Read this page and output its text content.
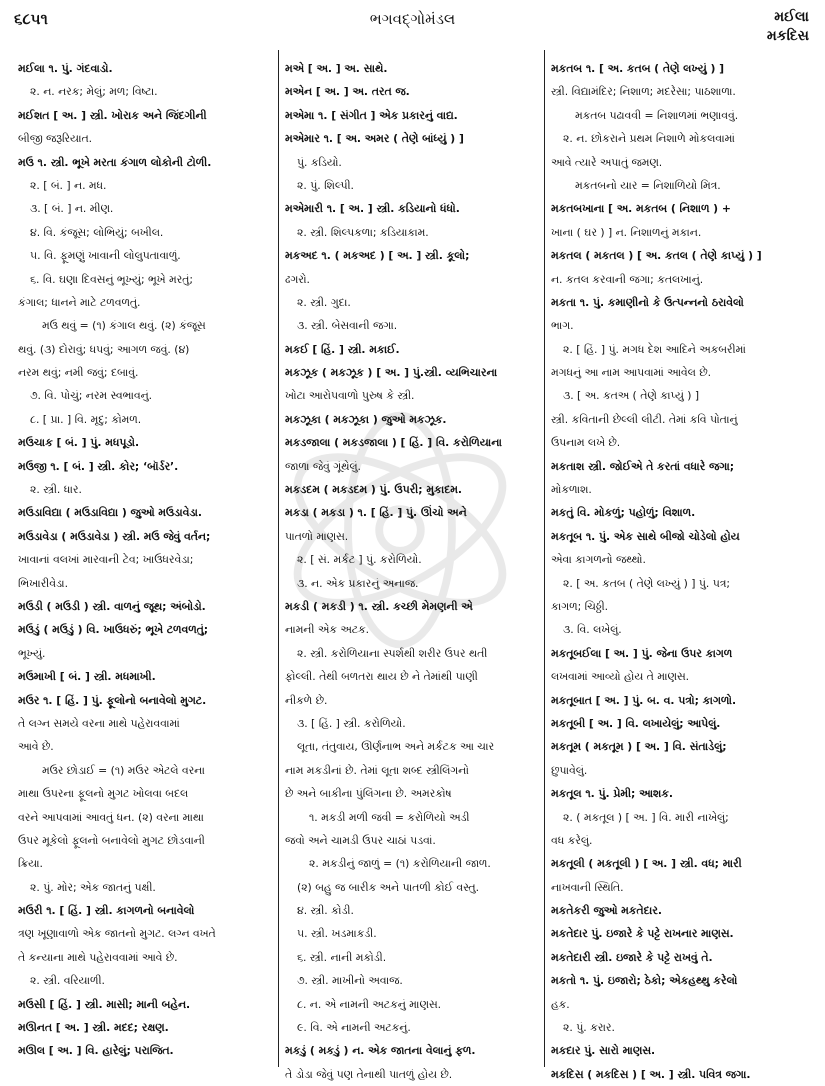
૬૮૫૧	ભગવદ્ગોમંડલ	મઈલા
મકદિસ
મઈલા ૧. પું. ગંદવાડો.
૨. ન. નરક; મેલું; મળ; વિષ્ટા.
મઈશત [ અ. ] સ્ત્રી. ખોરાક અને જિંદગીની
બીજી જરૂરિયાત.
મઉ ૧. સ્ત્રી. ભૂખે મરતા કંગાળ લોકોની ટોળી.
૨. [ બં. ] ન. મધ.
૩. [ બં. ] ન. મીણ.
૪. વિ. કંજૂસ; લોભિયું; બખીલ.
૫. વિ. ફૂમણું ખાવાની લોલુપતાવાળું.
૬. વિ. ઘણા દિવસનું ભૂખ્યું; ભૂખે મરતું;
કંગાલ; ધાનને માટે ટળવળતું.
મઉ થવું = (૧) કંગાલ થવું. (૨) કંજૂસ
થવું. (૩) દોરાવું; ધપવું; આગળ જવું. (૪)
નરમ થવું; નમી જવું; દબાવું.
૭. વિ. પોચું; નરમ સ્વભાવનું.
૮. [ પ્રા. ] વિ. મૃદુ; કોમળ.
મઉચાક [ બં. ] પું. મધપૂડો.
મઉજી ૧. [ બં. ] સ્ત્રી. કોર; ‘બૉર્ડર’.
૨. સ્ત્રી. ધાર.
મઉડાવિદ્યા ( મઉડાવિદ્યા ) જુઓ મઉડાવેડા.
મઉડાવેડા ( મઉડાવેડા ) સ્ત્રી. મઉ જેવું વર્તન;
ખાવાનાં વલખાં મારવાની ટેવ; ખાઉધરવેડા;
ભિખારીવેડા.
મઉડી ( મઉડી ) સ્ત્રી. વાળનું જૂથ; અંબોડો.
મઉડું ( મઉડું ) વિ. ખાઉધરું; ભૂખે ટળવળતું;
ભૂખ્યું.
મઉમાખી [ બં. ] સ્ત્રી. મધમાખી.
મઉર ૧. [ હિં. ] પું. ફૂલોનો બનાવેલો મુગટ.
તે લગ્ન સમયે વરના માથે પહેરાવવામાં
આવે છે.
મઉર છોડાઈ = (૧) મઉર એટલે વરના
માથા ઉપરના ફૂલનો મુગટ ખોલવા બદલ
વરને આપવામાં આવતું ધન. (૨) વરના માથા
ઉપર મૂકેલો ફૂલનો બનાવેલો મુગટ છોડવાની
ક્રિયા.
૨. પું. મોર; એક જાતનું પક્ષી.
મઉરી ૧. [ હિં. ] સ્ત્રી. કાગળનો બનાવેલો
ત્રણ ખૂણાવાળો એક જાતનો મુગટ. લગ્ન વખતે
તે કન્યાના માથે પહેરાવવામાં આવે છે.
૨. સ્ત્રી. વરિયાળી.
મઉસી [ હિં. ] સ્ત્રી. માસી; માની બહેન.
મઊનત [ અ. ] સ્ત્રી. મદદ; રક્ષણ.
મઊલ [ અ. ] વિ. હારેલું; પરાજિત.
મએ [ અ. ] અ. સાથે.
મએન [ અ. ] અ. તરત જ.
મએમા ૧. [ સંગીત ] એક પ્રકારનું વાદ્ય.
મએમાર ૧. [ અ. અમર ( તેણે બાંધ્યું ) ]
પું. કડિયો.
૨. પું. શિલ્પી.
મએમારી ૧. [ અ. ] સ્ત્રી. કડિયાનો ધંધો.
૨. સ્ત્રી. શિલ્પકળા; કડિયાકામ.
મકઅદ ૧. ( મકઅદ ) [ અ. ] સ્ત્રી. કૂલો;
ઢગરો.
૨. સ્ત્રી. ગુદા.
૩. સ્ત્રી. બેસવાની જગા.
મકઈ [ હિં. ] સ્ત્રી. મકાઈ.
મકઝૂક ( મકઝૂક ) [ અ. ] પું.સ્ત્રી. વ્યભિચારના
ખોટા આરોપવાળો પુરુષ કે સ્ત્રી.
મકઝૂકા ( મકઝૂકા ) જુઓ મકઝૂક.
મકડજાલા ( મકડજાલા ) [ હિં. ] વિ. કરોળિયાના
જાળા જેવું ગૂંથેલું.
મકડદમ ( મકડદમ ) પું. ઉપરી; મુકાદમ.
મકડા ( મકડા ) ૧. [ હિં. ] પું. ઊંચો અને
પાતળો માણસ.
૨. [ સં. મર્કટ ] પું. કરોળિયો.
૩. ન. એક પ્રકારનું અનાજ.
મકડી ( મકડી ) ૧. સ્ત્રી. કચ્છી મેમણની એ
નામની એક અટક.
૨. સ્ત્રી. કરોળિયાના સ્પર્શથી શરીર ઉપર થતી
ફોલ્લી. તેથી બળતરા થાય છે ને તેમાંથી પાણી
નીકળે છે.
૩. [ હિં. ] સ્ત્રી. કરોળિયો.
લૂતા, તંતુવાય, ઊર્ણનાભ અને મર્કટક આ ચાર
નામ મકડીનાં છે. તેમાં લૂતા શબ્દ સ્ત્રીલિંગનો
છે અને બાકીના પુંલિંગના છે. અમરકોષ
૧. મકડી મળી જવી = કરોળિયો અડી
જવો અને ચામડી ઉપર ચાઠાં પડવાં.
૨. મકડીનું જાળું = (૧) કરોળિયાની જાળ.
(૨) બહુ જ બારીક અને પાતળી કોઈ વસ્તુ.
૪. સ્ત્રી. કોડી.
૫. સ્ત્રી. ખડમાકડી.
૬. સ્ત્રી. નાની મકોડી.
૭. સ્ત્રી. માખીનો અવાજ.
૮. ન. એ નામની અટકનું માણસ.
૯. વિ. એ નામની અટકનું.
મકડું ( મકડું ) ન. એક જાતના વેલાનું ફળ.
તે ડોડા જેવું પણ તેનાથી પાતળું હોય છે.
મકતબ ૧. [ અ. કતબ ( તેણે લખ્યું ) ]
સ્ત્રી. વિદ્યામંદિર; નિશાળ; મદરેસા; પાઠશાળા.
મકતબ પઢાવવી = નિશાળમાં ભણાવવું.
૨. ન. છોકરાને પ્રથમ નિશાળે મોકલવામાં
આવે ત્યારે અપાતું જમણ.
મકતબનો યાર = નિશાળિયો મિત્ર.
મકતબખાના [ અ. મકતબ ( નિશાળ ) +
ખાના ( ઘર ) ] ન. નિશાળનું મકાન.
મકતલ ( મકતલ ) [ અ. કતલ ( તેણે કાપ્યું ) ]
ન. કતલ કરવાની જગા; કતલખાનું.
મકતા ૧. પું. કમાણીનો કે ઉત્પન્નનો ઠરાવેલો
ભાગ.
૨. [ હિં. ] પું. મગધ દેશ આદિને અકબરીમાં
મગધનું આ નામ આપવામાં આવેલ છે.
૩. [ અ. કતઅ ( તેણે કાપ્યું ) ]
સ્ત્રી. કવિતાની છેલ્લી લીટી. તેમાં કવિ પોતાનું
ઉપનામ લખે છે.
મકતાશ સ્ત્રી. જોઈએ તે કરતાં વધારે જગા;
મોકળાશ.
મકતું વિ. મોકળું; પહોળું; વિશાળ.
મકતૂબ ૧. પું. એક સાથે બીજો ચોડેલો હોય
એવા કાગળનો જથ્થો.
૨. [ અ. કતબ ( તેણે લખ્યું ) ] પું. પત્ર;
કાગળ; ચિઠ્ઠી.
૩. વિ. લખેલું.
મકતૂબઈલા [ અ. ] પું. જેના ઉપર કાગળ
લખવામાં આવ્યો હોય તે માણસ.
મકતૂબાત [ અ. ] પું. બ. વ. પત્રો; કાગળો.
મકતૂબી [ અ. ] વિ. લખાયેલું; આપેલું.
મકતૂમ ( મકતૂમ ) [ અ. ] વિ. સંતાડેલું;
છુપાવેલું.
મકતૂલ ૧. પું. પ્રેમી; આશક.
૨. ( મકતૂલ ) [ અ. ] વિ. મારી નાખેલું;
વધ કરેલું.
મકતૂલી ( મકતૂલી ) [ અ. ] સ્ત્રી. વધ; મારી
નાખવાની સ્થિતિ.
મકતેકરી જુઓ મકતેદાર.
મકતેદાર પું. ઇજારે કે પટ્ટે રાખનાર માણસ.
મકતેદારી સ્ત્રી. ઇજારે કે પટ્ટે રાખવું તે.
મકતો ૧. પું. ઇજારો; ઠેકો; એકહથ્થુ કરેલો
હક.
૨. પું. કરાર.
મકદાર પું. સારો માણસ.
મકદિસ ( મકદિસ ) [ અ. ] સ્ત્રી. પવિત્ર જગા.
